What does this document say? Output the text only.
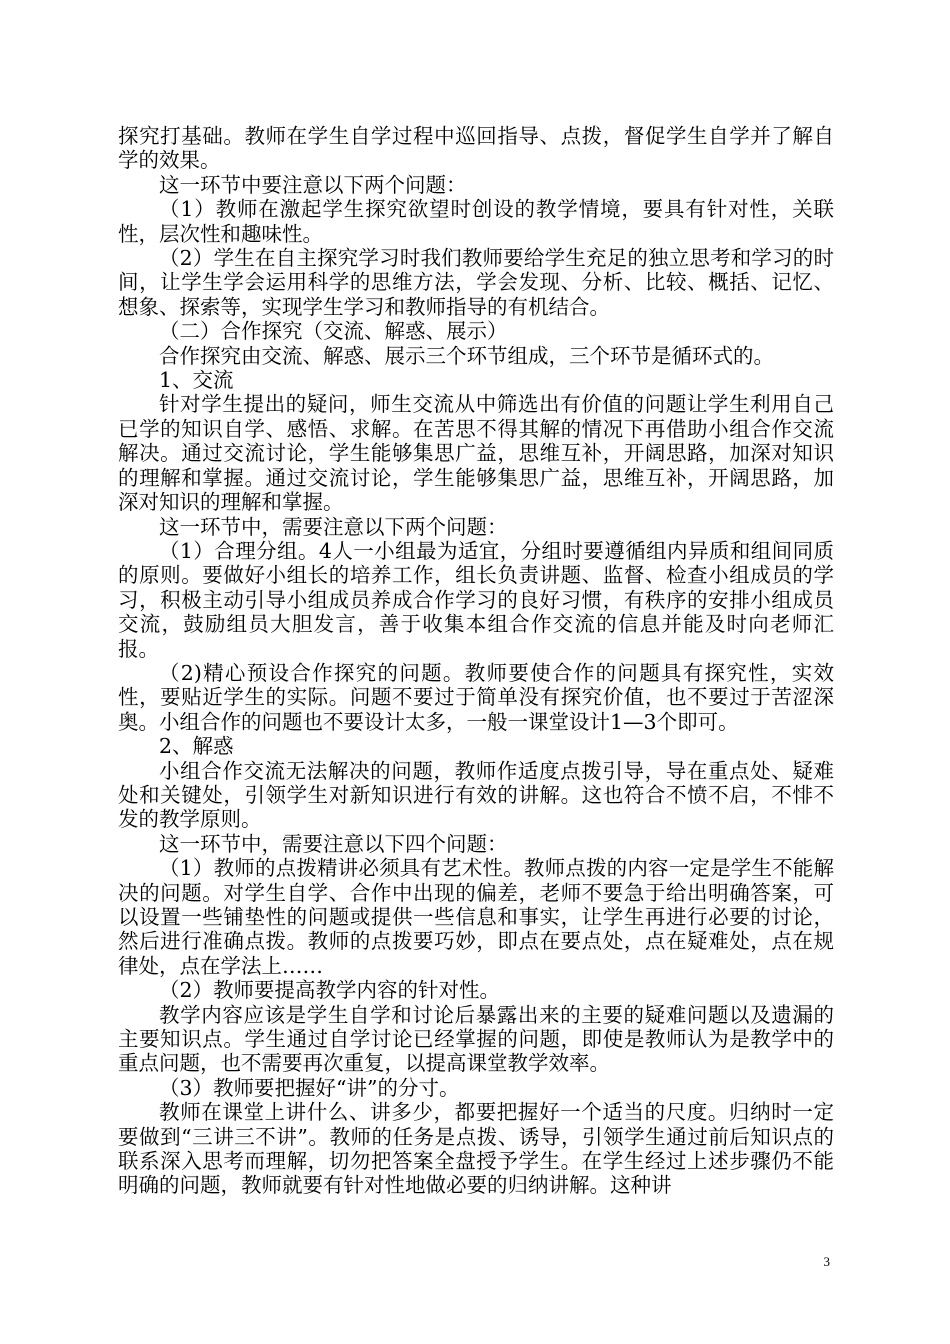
探究打基础。教师在学生自学过程中巡回指导、点拨，督促学生自学并了解自学的效果。

这一环节中要注意以下两个问题：

（1）教师在激起学生探究欲望时创设的教学情境，要具有针对性，关联性，层次性和趣味性。

（2）学生在自主探究学习时我们教师要给学生充足的独立思考和学习的时间，让学生学会运用科学的思维方法，学会发现、分析、比较、概括、记忆、想象、探索等，实现学生学习和教师指导的有机结合。

（二）合作探究（交流、解惑、展示）

合作探究由交流、解惑、展示三个环节组成，三个环节是循环式的。

1、交流

针对学生提出的疑问，师生交流从中筛选出有价值的问题让学生利用自己已学的知识自学、感悟、求解。在苦思不得其解的情况下再借助小组合作交流解决。通过交流讨论，学生能够集思广益，思维互补，开阔思路，加深对知识的理解和掌握。通过交流讨论，学生能够集思广益，思维互补，开阔思路，加深对知识的理解和掌握。

这一环节中，需要注意以下两个问题：

（1）合理分组。4人一小组最为适宜，分组时要遵循组内异质和组间同质的原则。要做好小组长的培养工作，组长负责讲题、监督、检查小组成员的学习，积极主动引导小组成员养成合作学习的良好习惯，有秩序的安排小组成员交流，鼓励组员大胆发言，善于收集本组合作交流的信息并能及时向老师汇报。

（2)精心预设合作探究的问题。教师要使合作的问题具有探究性，实效性，要贴近学生的实际。问题不要过于简单没有探究价值，也不要过于苦涩深奥。小组合作的问题也不要设计太多，一般一课堂设计1—3个即可。

2、解惑

小组合作交流无法解决的问题，教师作适度点拨引导，导在重点处、疑难处和关键处，引领学生对新知识进行有效的讲解。这也符合不愤不启，不悱不发的教学原则。

这一环节中，需要注意以下四个问题：

（1）教师的点拨精讲必须具有艺术性。教师点拨的内容一定是学生不能解决的问题。对学生自学、合作中出现的偏差，老师不要急于给出明确答案，可以设置一些铺垫性的问题或提供一些信息和事实，让学生再进行必要的讨论，然后进行准确点拨。教师的点拨要巧妙，即点在要点处，点在疑难处，点在规律处，点在学法上……

（2）教师要提高教学内容的针对性。

教学内容应该是学生自学和讨论后暴露出来的主要的疑难问题以及遗漏的主要知识点。学生通过自学讨论已经掌握的问题，即使是教师认为是教学中的重点问题，也不需要再次重复，以提高课堂教学效率。

（3）教师要把握好“讲”的分寸。

教师在课堂上讲什么、讲多少，都要把握好一个适当的尺度。归纳时一定要做到“三讲三不讲”。教师的任务是点拨、诱导，引领学生通过前后知识点的联系深入思考而理解，切勿把答案全盘授予学生。在学生经过上述步骤仍不能明确的问题，教师就要有针对性地做必要的归纳讲解。这种讲

3
